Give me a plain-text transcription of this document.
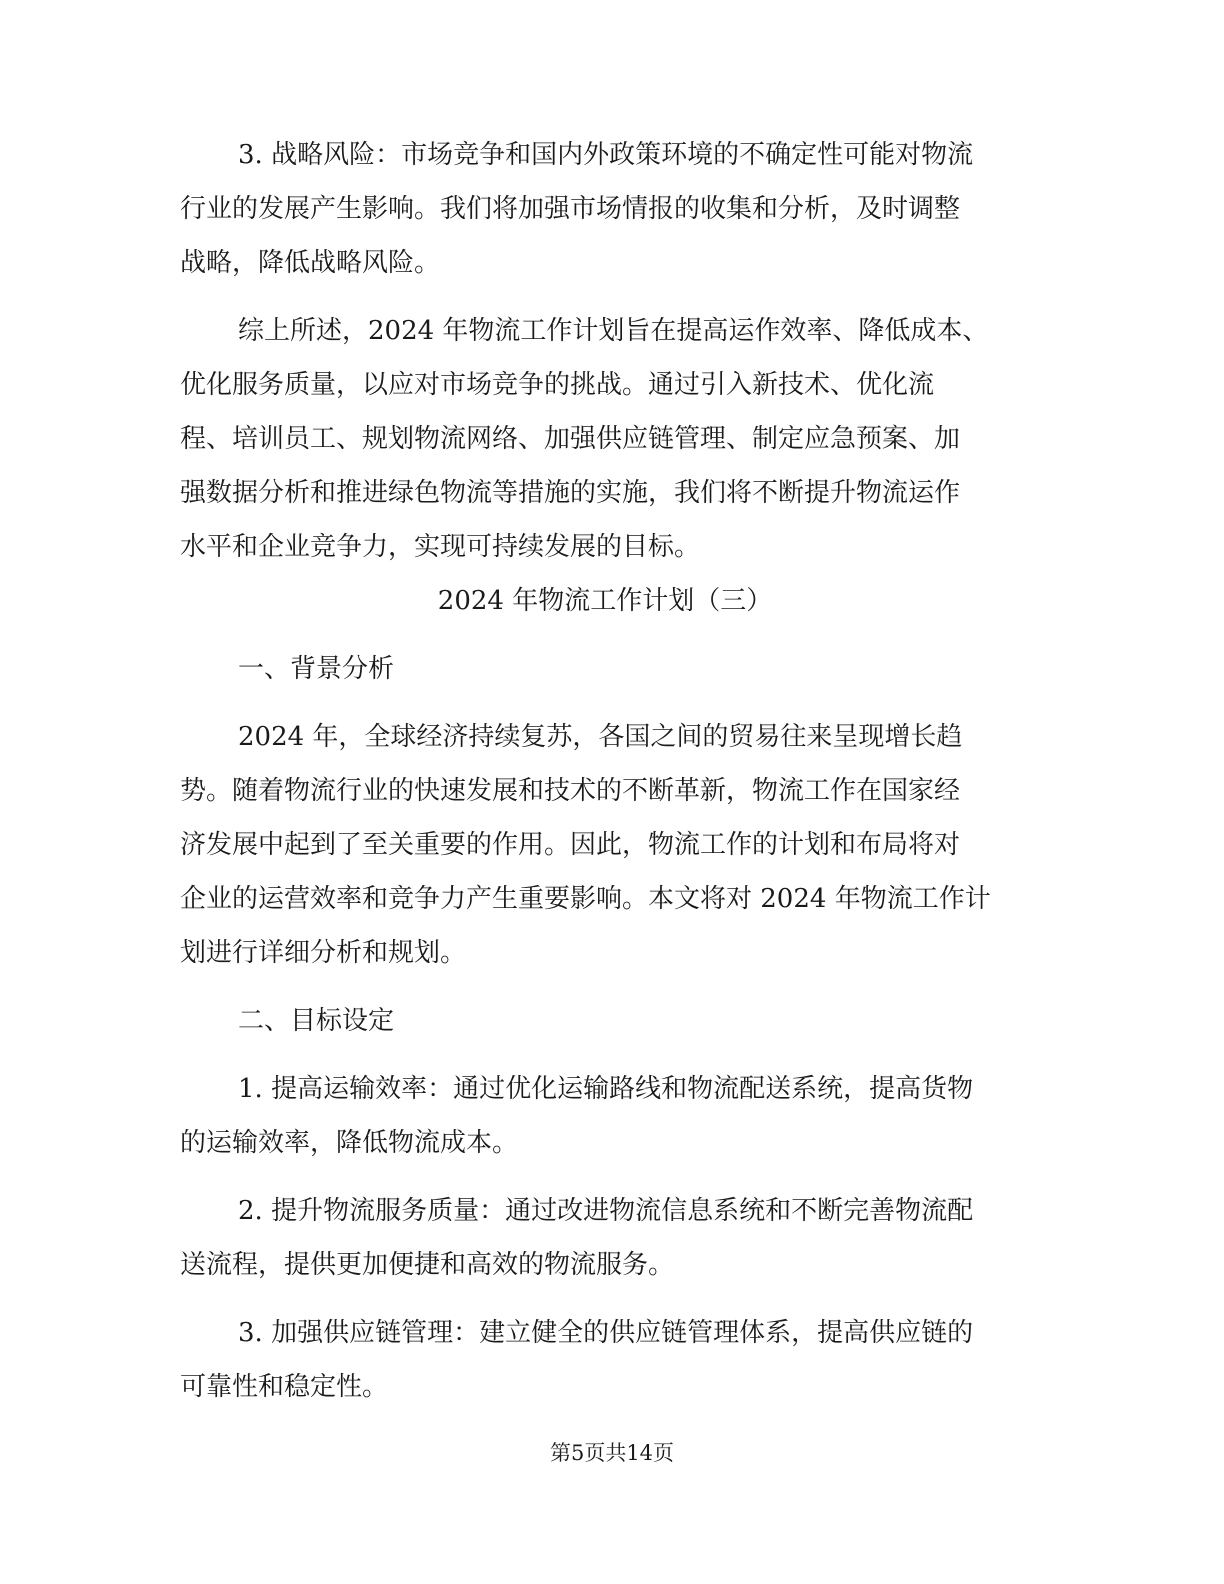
3. 战略风险：市场竞争和国内外政策环境的不确定性可能对物流

行业的发展产生影响。我们将加强市场情报的收集和分析，及时调整

战略，降低战略风险。

综上所述，2024 年物流工作计划旨在提高运作效率、降低成本、

优化服务质量，以应对市场竞争的挑战。通过引入新技术、优化流

程、培训员工、规划物流网络、加强供应链管理、制定应急预案、加

强数据分析和推进绿色物流等措施的实施，我们将不断提升物流运作

水平和企业竞争力，实现可持续发展的目标。

2024 年物流工作计划（三）

一、背景分析

2024 年，全球经济持续复苏，各国之间的贸易往来呈现增长趋

势。随着物流行业的快速发展和技术的不断革新，物流工作在国家经

济发展中起到了至关重要的作用。因此，物流工作的计划和布局将对

企业的运营效率和竞争力产生重要影响。本文将对 2024 年物流工作计

划进行详细分析和规划。

二、目标设定

1. 提高运输效率：通过优化运输路线和物流配送系统，提高货物

的运输效率，降低物流成本。

2. 提升物流服务质量：通过改进物流信息系统和不断完善物流配

送流程，提供更加便捷和高效的物流服务。

3. 加强供应链管理：建立健全的供应链管理体系，提高供应链的

可靠性和稳定性。

第5页共14页
